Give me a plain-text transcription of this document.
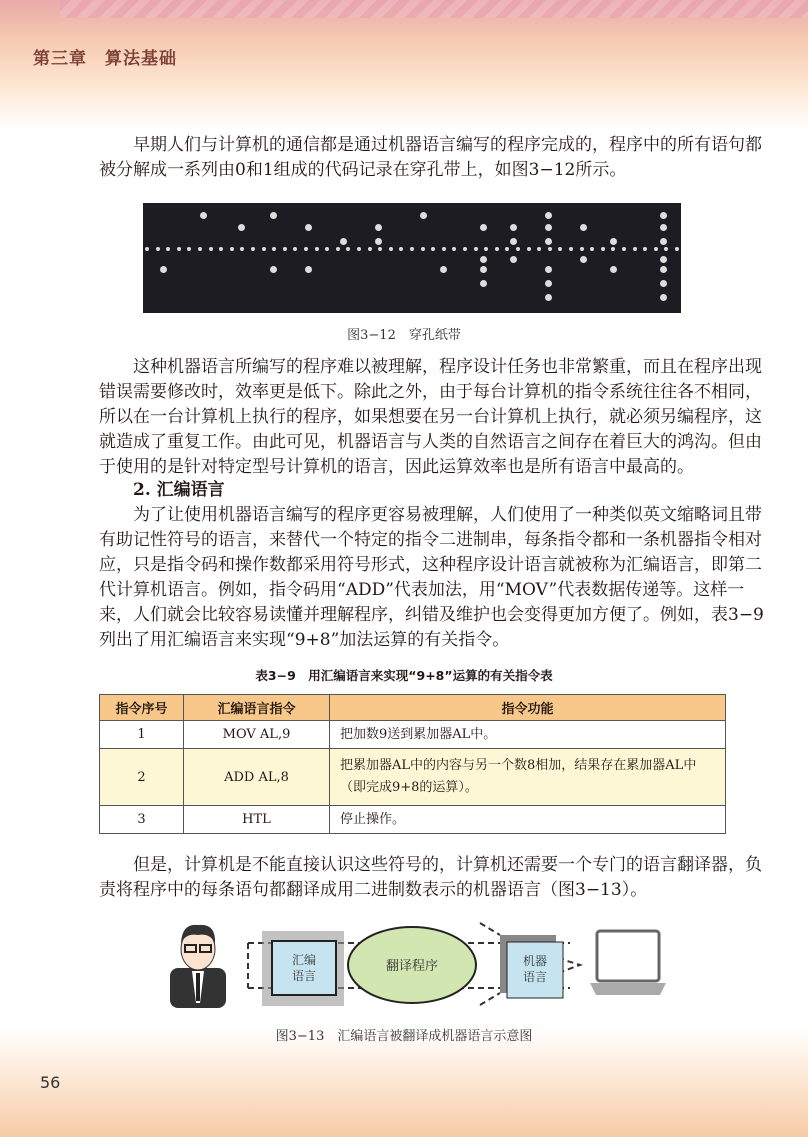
第三章 算法基础
早期人们与计算机的通信都是通过机器语言编写的程序完成的，程序中的所有语句都
被分解成一系列由0和1组成的代码记录在穿孔带上，如图3−12所示。
图3−12　穿孔纸带
这种机器语言所编写的程序难以被理解，程序设计任务也非常繁重，而且在程序出现
错误需要修改时，效率更是低下。除此之外，由于每台计算机的指令系统往往各不相同，
所以在一台计算机上执行的程序，如果想要在另一台计算机上执行，就必须另编程序，这
就造成了重复工作。由此可见，机器语言与人类的自然语言之间存在着巨大的鸿沟。但由
于使用的是针对特定型号计算机的语言，因此运算效率也是所有语言中最高的。
2. 汇编语言
为了让使用机器语言编写的程序更容易被理解，人们使用了一种类似英文缩略词且带
有助记性符号的语言，来替代一个特定的指令二进制串，每条指令都和一条机器指令相对
应，只是指令码和操作数都采用符号形式，这种程序设计语言就被称为汇编语言，即第二
代计算机语言。例如，指令码用“ADD”代表加法，用“MOV”代表数据传递等。这样一
来，人们就会比较容易读懂并理解程序，纠错及维护也会变得更加方便了。例如，表3−9
列出了用汇编语言来实现“9+8”加法运算的有关指令。
表3−9　用汇编语言来实现“9+8”运算的有关指令表
指令序号	汇编语言指令	指令功能
1	MOV AL,9	把加数9送到累加器AL中。
2	ADD AL,8	把累加器AL中的内容与另一个数8相加，结果存在累加器AL中（即完成9+8的运算）。
3	HTL	停止操作。
但是，计算机是不能直接认识这些符号的，计算机还需要一个专门的语言翻译器，负
责将程序中的每条语句都翻译成用二进制数表示的机器语言（图3−13）。
汇编
语言
翻译程序	机器
语言
图3−13　汇编语言被翻译成机器语言示意图
56
